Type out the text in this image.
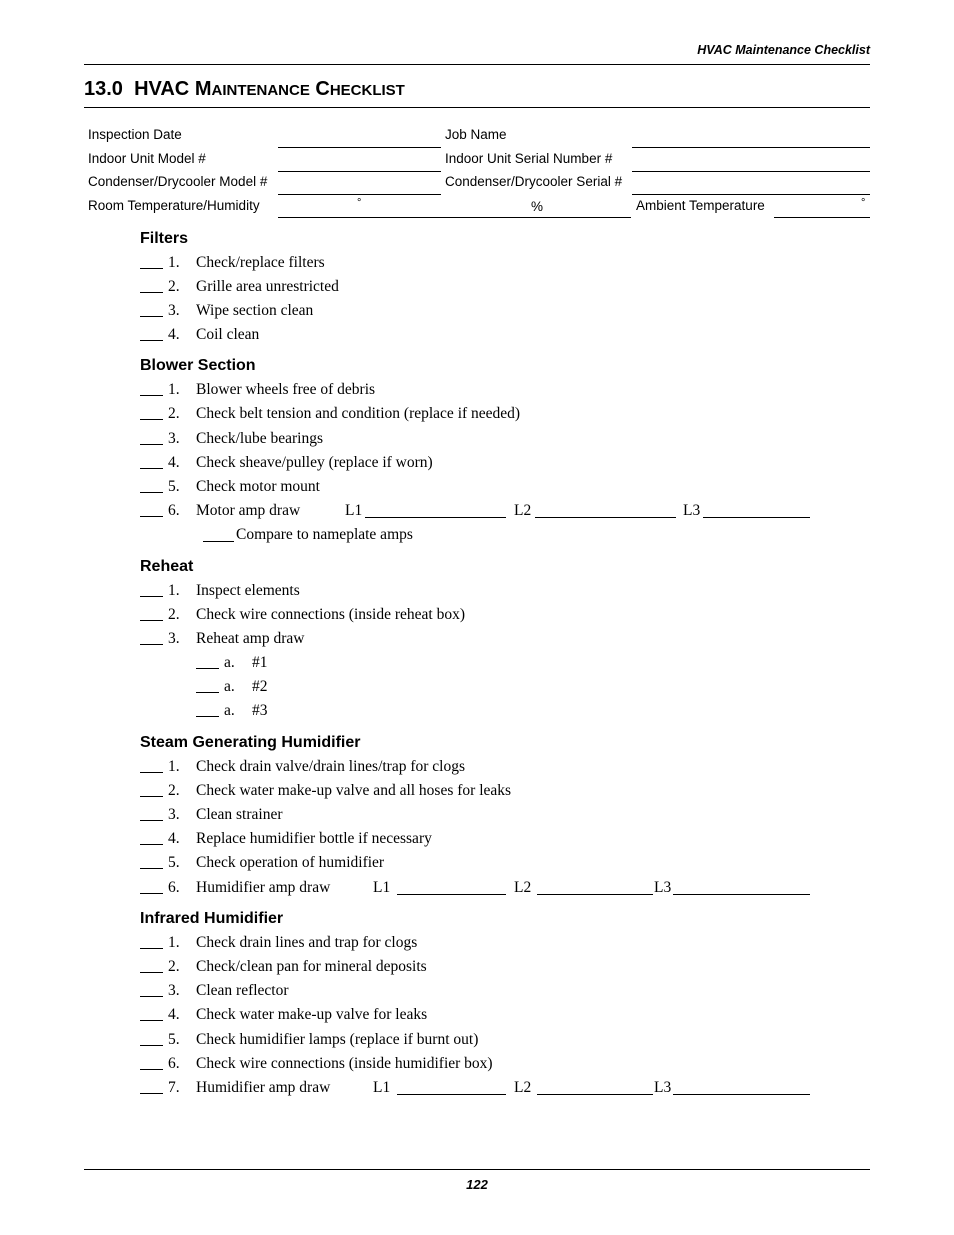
HVAC Maintenance Checklist
13.0 HVAC MAINTENANCE CHECKLIST
Inspection Date	Job Name
Indoor Unit Model #	Indoor Unit Serial Number #
Condenser/Drycooler Model #	Condenser/Drycooler Serial #
Room Temperature/Humidity	°	%	Ambient Temperature	°
Filters
1. Check/replace filters
2. Grille area unrestricted
3. Wipe section clean
4. Coil clean
Blower Section
1. Blower wheels free of debris
2. Check belt tension and condition (replace if needed)
3. Check/lube bearings
4. Check sheave/pulley (replace if worn)
5. Check motor mount
6. Motor amp draw	L1	L2	L3
Compare to nameplate amps
Reheat
1. Inspect elements
2. Check wire connections (inside reheat box)
3. Reheat amp draw
a. #1
a. #2
a. #3
Steam Generating Humidifier
1. Check drain valve/drain lines/trap for clogs
2. Check water make-up valve and all hoses for leaks
3. Clean strainer
4. Replace humidifier bottle if necessary
5. Check operation of humidifier
6. Humidifier amp draw	L1	L2	L3
Infrared Humidifier
1. Check drain lines and trap for clogs
2. Check/clean pan for mineral deposits
3. Clean reflector
4. Check water make-up valve for leaks
5. Check humidifier lamps (replace if burnt out)
6. Check wire connections (inside humidifier box)
7. Humidifier amp draw	L1	L2	L3
122
